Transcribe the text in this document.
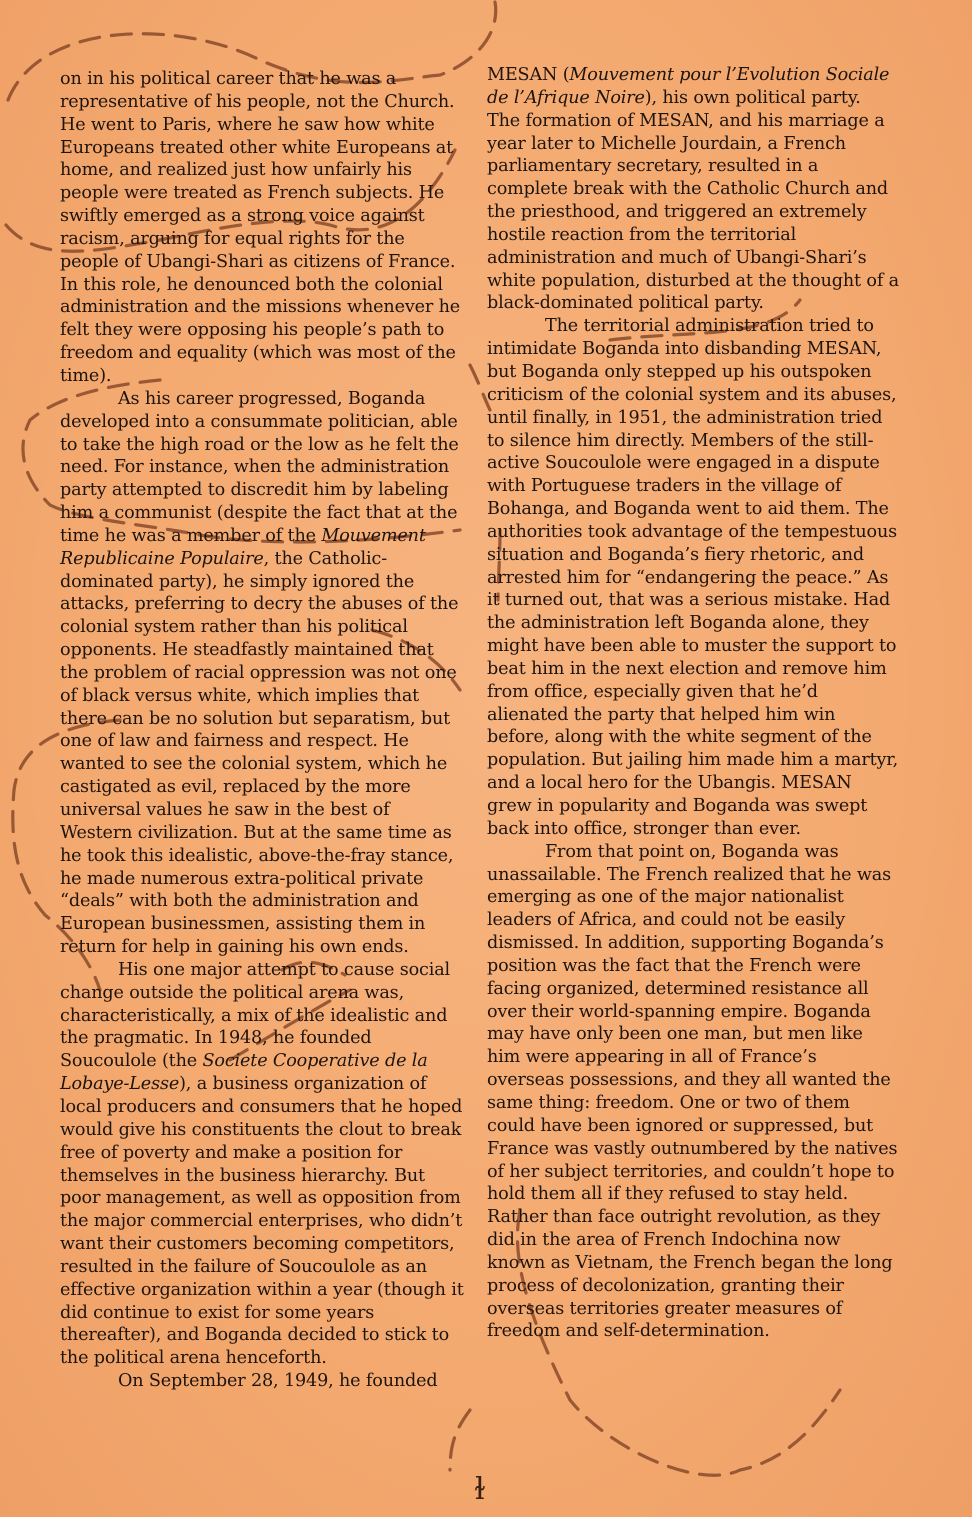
on in his political career that he was a representative of his people, not the Church. He went to Paris, where he saw how white Europeans treated other white Europeans at home, and realized just how unfairly his people were treated as French subjects. He swiftly emerged as a strong voice against racism, arguing for equal rights for the people of Ubangi-Shari as citizens of France. In this role, he denounced both the colonial administration and the missions whenever he felt they were opposing his people’s path to freedom and equality (which was most of the time).

As his career progressed, Boganda developed into a consummate politician, able to take the high road or the low as he felt the need. For instance, when the administration party attempted to discredit him by labeling him a communist (despite the fact that at the time he was a member of the Mouvement Republicaine Populaire, the Catholic-dominated party), he simply ignored the attacks, preferring to decry the abuses of the colonial system rather than his political opponents. He steadfastly maintained that the problem of racial oppression was not one of black versus white, which implies that there can be no solution but separatism, but one of law and fairness and respect. He wanted to see the colonial system, which he castigated as evil, replaced by the more universal values he saw in the best of Western civilization. But at the same time as he took this idealistic, above-the-fray stance, he made numerous extra-political private “deals” with both the administration and European businessmen, assisting them in return for help in gaining his own ends.

His one major attempt to cause social change outside the political arena was, characteristically, a mix of the idealistic and the pragmatic. In 1948, he founded Soucoulole (the Societe Cooperative de la Lobaye-Lesse), a business organization of local producers and consumers that he hoped would give his constituents the clout to break free of poverty and make a position for themselves in the business hierarchy. But poor management, as well as opposition from the major commercial enterprises, who didn’t want their customers becoming competitors, resulted in the failure of Soucoulole as an effective organization within a year (though it did continue to exist for some years thereafter), and Boganda decided to stick to the political arena henceforth.

On September 28, 1949, he founded

MESAN (Mouvement pour l’Evolution Sociale de l’Afrique Noire), his own political party. The formation of MESAN, and his marriage a year later to Michelle Jourdain, a French parliamentary secretary, resulted in a complete break with the Catholic Church and the priesthood, and triggered an extremely hostile reaction from the territorial administration and much of Ubangi-Shari’s white population, disturbed at the thought of a black-dominated political party.

The territorial administration tried to intimidate Boganda into disbanding MESAN, but Boganda only stepped up his outspoken criticism of the colonial system and its abuses, until finally, in 1951, the administration tried to silence him directly. Members of the still-active Soucoulole were engaged in a dispute with Portuguese traders in the village of Bohanga, and Boganda went to aid them. The authorities took advantage of the tempestuous situation and Boganda’s fiery rhetoric, and arrested him for “endangering the peace.” As it turned out, that was a serious mistake. Had the administration left Boganda alone, they might have been able to muster the support to beat him in the next election and remove him from office, especially given that he’d alienated the party that helped him win before, along with the white segment of the population. But jailing him made him a martyr, and a local hero for the Ubangis. MESAN grew in popularity and Boganda was swept back into office, stronger than ever.

From that point on, Boganda was unassailable. The French realized that he was emerging as one of the major nationalist leaders of Africa, and could not be easily dismissed. In addition, supporting Boganda’s position was the fact that the French were facing organized, determined resistance all over their world-spanning empire. Boganda may have only been one man, but men like him were appearing in all of France’s overseas possessions, and they all wanted the same thing: freedom. One or two of them could have been ignored or suppressed, but France was vastly outnumbered by the natives of her subject territories, and couldn’t hope to hold them all if they refused to stay held. Rather than face outright revolution, as they did in the area of French Indochina now known as Vietnam, the French began the long process of decolonization, granting their overseas territories greater measures of freedom and self-determination.

ɫ
